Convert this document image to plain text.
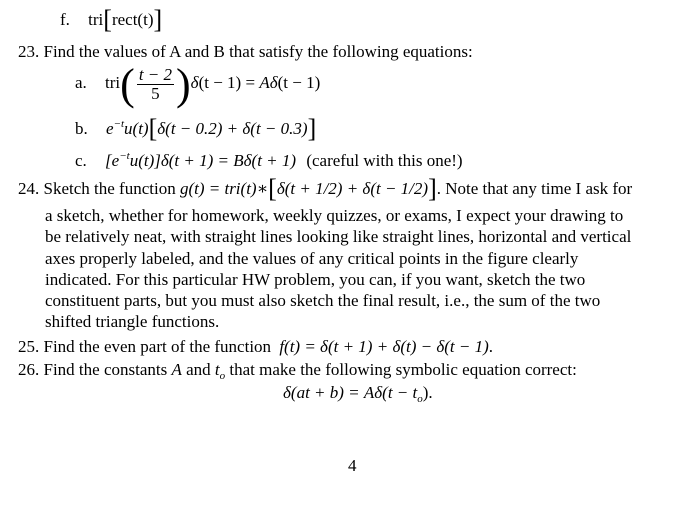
f. tri[rect(t)]
23. Find the values of A and B that satisfy the following equations:
a. $tri( \frac{t - 2}{5} )\delta(t - 1) = A\delta(t - 1)$
b. $e^{-t}u(t)[\delta(t - 0.2) + \delta(t - 0.3)]$
c. $[e^{-t}u(t)]\delta(t + 1) = B\delta(t + 1)$ (careful with this one!)
24. Sketch the function g(t) = tri(t)∗[δ(t + 1/2) + δ(t − 1/2)]. Note that any time I ask for
a sketch, whether for homework, weekly quizzes, or exams, I expect your drawing to
be relatively neat, with straight lines looking like straight lines, horizontal and vertical
axes properly labeled, and the values of any critical points in the figure clearly
indicated. For this particular HW problem, you can, if you want, sketch the two
constituent parts, but you must also sketch the final result, i.e., the sum of the two
shifted triangle functions.
25. Find the even part of the function f(t) = δ(t + 1) + δ(t) − δ(t − 1).
26. Find the constants A and $t_o$ that make the following symbolic equation correct:
$\delta(at + b) = A\delta(t - t_o)$.
4
